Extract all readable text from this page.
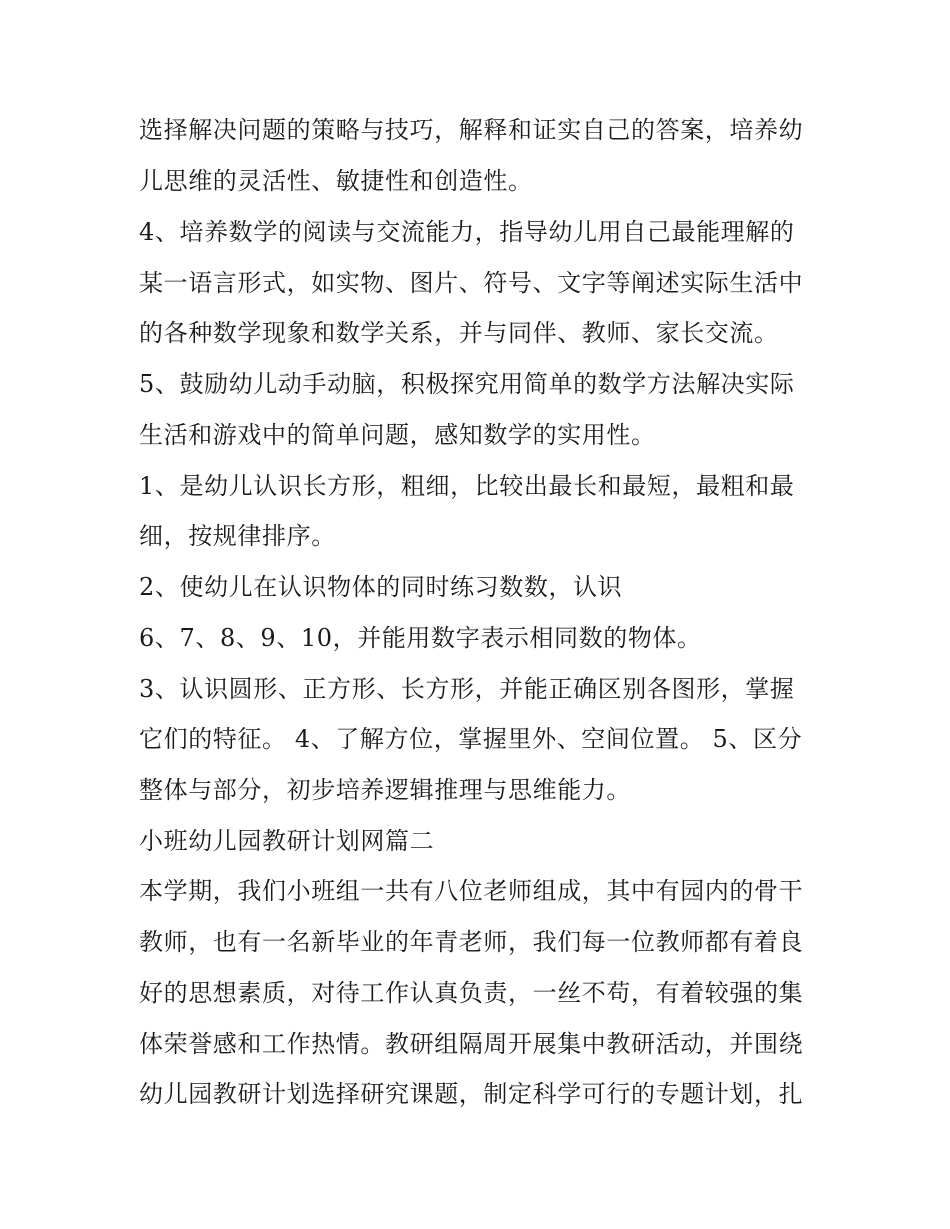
选择解决问题的策略与技巧，解释和证实自己的答案，培养幼
儿思维的灵活性、敏捷性和创造性。
4、培养数学的阅读与交流能力，指导幼儿用自己最能理解的
某一语言形式，如实物、图片、符号、文字等阐述实际生活中
的各种数学现象和数学关系，并与同伴、教师、家长交流。
5、鼓励幼儿动手动脑，积极探究用简单的数学方法解决实际
生活和游戏中的简单问题，感知数学的实用性。
1、是幼儿认识长方形，粗细，比较出最长和最短，最粗和最
细，按规律排序。
2、使幼儿在认识物体的同时练习数数，认识
6、7、8、9、10，并能用数字表示相同数的物体。
3、认识圆形、正方形、长方形，并能正确区别各图形，掌握
它们的特征。 4、了解方位，掌握里外、空间位置。 5、区分
整体与部分，初步培养逻辑推理与思维能力。
小班幼儿园教研计划网篇二
本学期，我们小班组一共有八位老师组成，其中有园内的骨干
教师，也有一名新毕业的年青老师，我们每一位教师都有着良
好的思想素质，对待工作认真负责，一丝不苟，有着较强的集
体荣誉感和工作热情。教研组隔周开展集中教研活动，并围绕
幼儿园教研计划选择研究课题，制定科学可行的专题计划，扎
